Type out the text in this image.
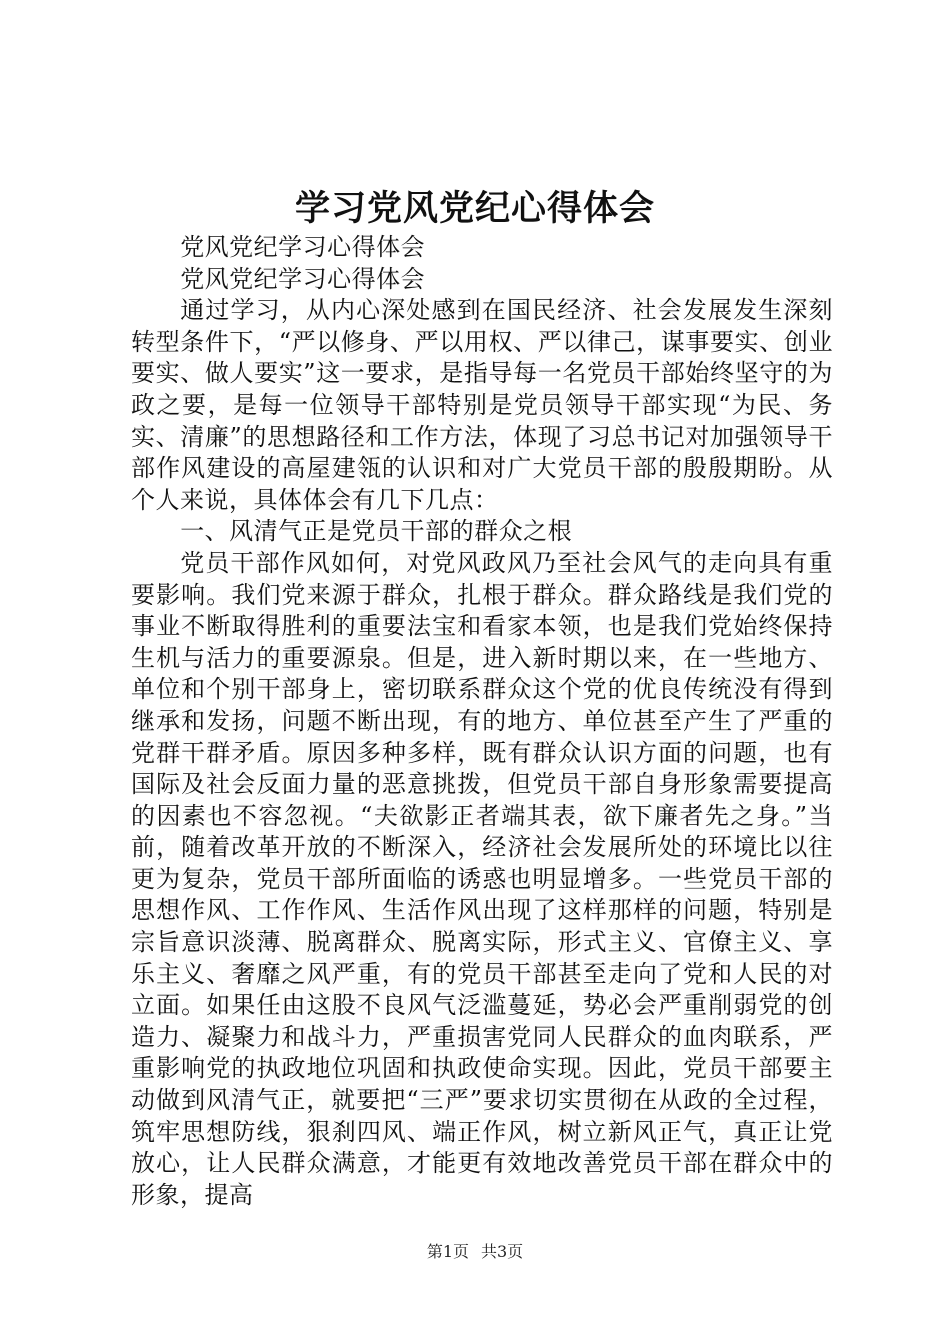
学习党风党纪心得体会

党风党纪学习心得体会

党风党纪学习心得体会

通过学习，从内心深处感到在国民经济、社会发展发生深刻转型条件下，“严以修身、严以用权、严以律己，谋事要实、创业要实、做人要实”这一要求，是指导每一名党员干部始终坚守的为政之要，是每一位领导干部特别是党员领导干部实现“为民、务实、清廉”的思想路径和工作方法，体现了习总书记对加强领导干部作风建设的高屋建瓴的认识和对广大党员干部的殷殷期盼。从个人来说，具体体会有几下几点：

一、风清气正是党员干部的群众之根

党员干部作风如何，对党风政风乃至社会风气的走向具有重要影响。我们党来源于群众，扎根于群众。群众路线是我们党的事业不断取得胜利的重要法宝和看家本领，也是我们党始终保持生机与活力的重要源泉。但是，进入新时期以来，在一些地方、单位和个别干部身上，密切联系群众这个党的优良传统没有得到继承和发扬，问题不断出现，有的地方、单位甚至产生了严重的党群干群矛盾。原因多种多样，既有群众认识方面的问题，也有国际及社会反面力量的恶意挑拨，但党员干部自身形象需要提高的因素也不容忽视。“夫欲影正者端其表，欲下廉者先之身。”当前，随着改革开放的不断深入，经济社会发展所处的环境比以往更为复杂，党员干部所面临的诱惑也明显增多。一些党员干部的思想作风、工作作风、生活作风出现了这样那样的问题，特别是宗旨意识淡薄、脱离群众、脱离实际，形式主义、官僚主义、享乐主义、奢靡之风严重，有的党员干部甚至走向了党和人民的对立面。如果任由这股不良风气泛滥蔓延，势必会严重削弱党的创造力、凝聚力和战斗力，严重损害党同人民群众的血肉联系，严重影响党的执政地位巩固和执政使命实现。因此，党员干部要主动做到风清气正，就要把“三严”要求切实贯彻在从政的全过程，筑牢思想防线，狠刹四风、端正作风，树立新风正气，真正让党放心，让人民群众满意，才能更有效地改善党员干部在群众中的形象，提高

第1页 共3页
